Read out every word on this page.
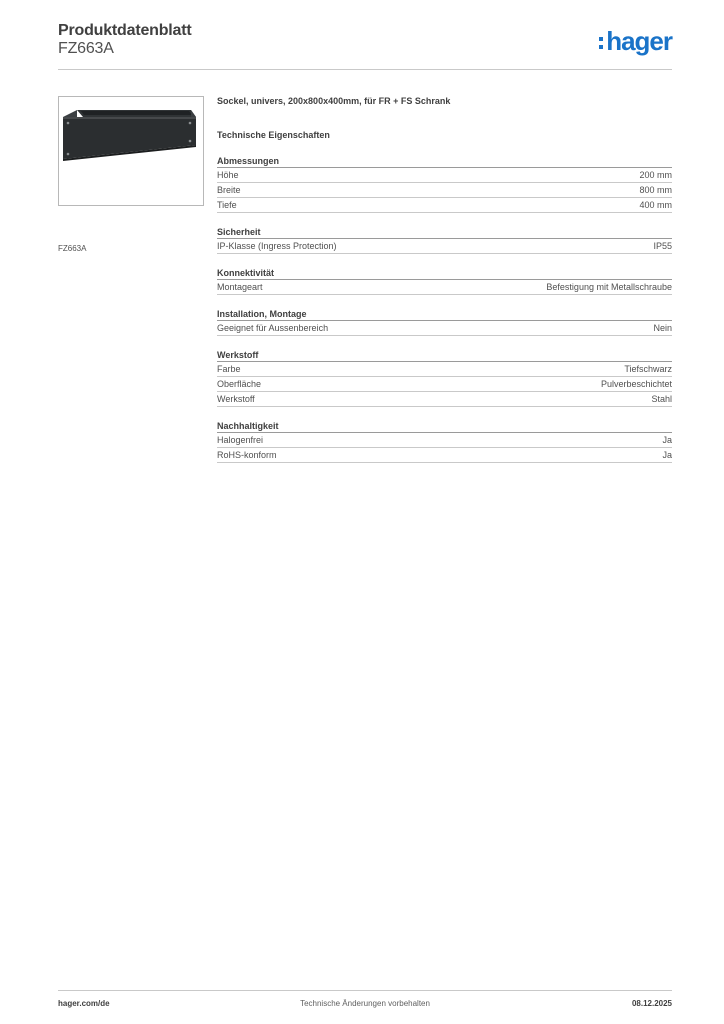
Produktdatenblatt
FZ663A	hager
FZ663A
Sockel, univers, 200x800x400mm, für FR + FS Schrank
Technische Eigenschaften
Abmessungen
Höhe	200 mm
Breite	800 mm
Tiefe	400 mm
Sicherheit
IP-Klasse (Ingress Protection)	IP55
Konnektivität
Montageart	Befestigung mit Metallschraube
Installation, Montage
Geeignet für Aussenbereich	Nein
Werkstoff
Farbe	Tiefschwarz
Oberfläche	Pulverbeschichtet
Werkstoff	Stahl
Nachhaltigkeit
Halogenfrei	Ja
RoHS-konform	Ja
hager.com/de	Technische Änderungen vorbehalten	08.12.2025
